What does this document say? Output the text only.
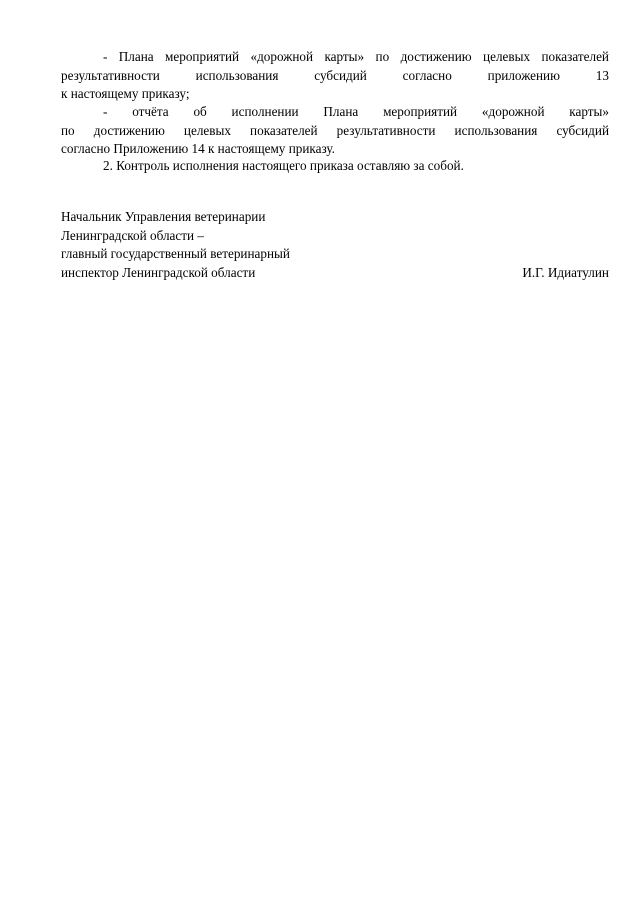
- Плана мероприятий «дорожной карты» по достижению целевых показателей
результативности использования субсидий согласно приложению 13
к настоящему приказу;
- отчёта об исполнении Плана мероприятий «дорожной карты»
по достижению целевых показателей результативности использования субсидий
согласно Приложению 14 к настоящему приказу.
2. Контроль исполнения настоящего приказа оставляю за собой.
Начальник Управления ветеринарии
Ленинградской области –
главный государственный ветеринарный
инспектор Ленинградской области	И.Г. Идиатулин
